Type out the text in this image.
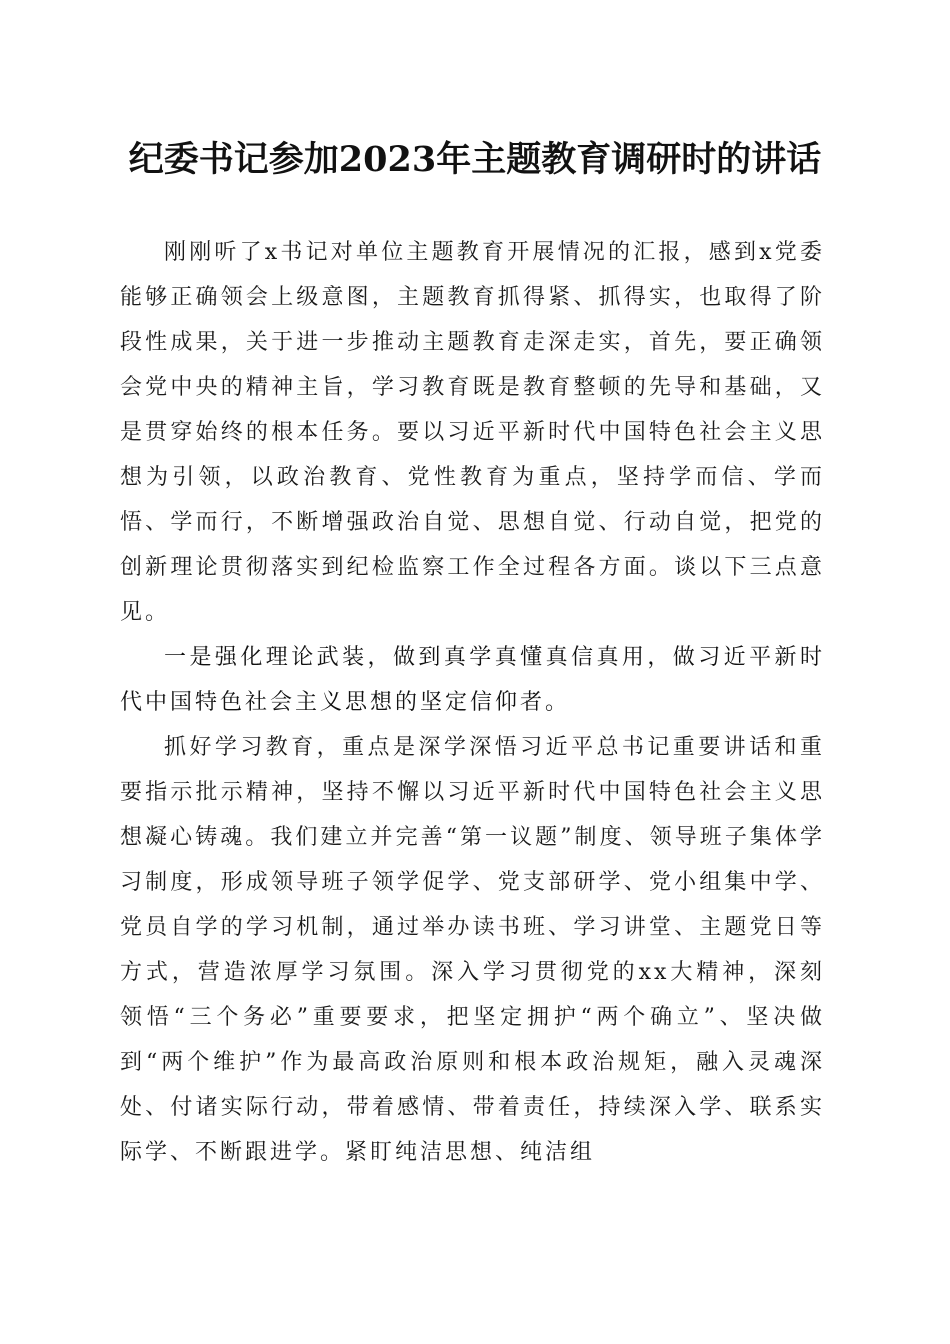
纪委书记参加2023年主题教育调研时的讲话

刚刚听了x书记对单位主题教育开展情况的汇报，感到x党委能够正确领会上级意图，主题教育抓得紧、抓得实，也取得了阶段性成果，关于进一步推动主题教育走深走实，首先，要正确领会党中央的精神主旨，学习教育既是教育整顿的先导和基础，又是贯穿始终的根本任务。要以习近平新时代中国特色社会主义思想为引领，以政治教育、党性教育为重点，坚持学而信、学而悟、学而行，不断增强政治自觉、思想自觉、行动自觉，把党的创新理论贯彻落实到纪检监察工作全过程各方面。谈以下三点意见。

一是强化理论武装，做到真学真懂真信真用，做习近平新时代中国特色社会主义思想的坚定信仰者。

抓好学习教育，重点是深学深悟习近平总书记重要讲话和重要指示批示精神，坚持不懈以习近平新时代中国特色社会主义思想凝心铸魂。我们建立并完善“第一议题”制度、领导班子集体学习制度，形成领导班子领学促学、党支部研学、党小组集中学、党员自学的学习机制，通过举办读书班、学习讲堂、主题党日等方式，营造浓厚学习氛围。深入学习贯彻党的xx大精神，深刻领悟“三个务必”重要要求，把坚定拥护“两个确立”、坚决做到“两个维护”作为最高政治原则和根本政治规矩，融入灵魂深处、付诸实际行动，带着感情、带着责任，持续深入学、联系实际学、不断跟进学。紧盯纯洁思想、纯洁组
